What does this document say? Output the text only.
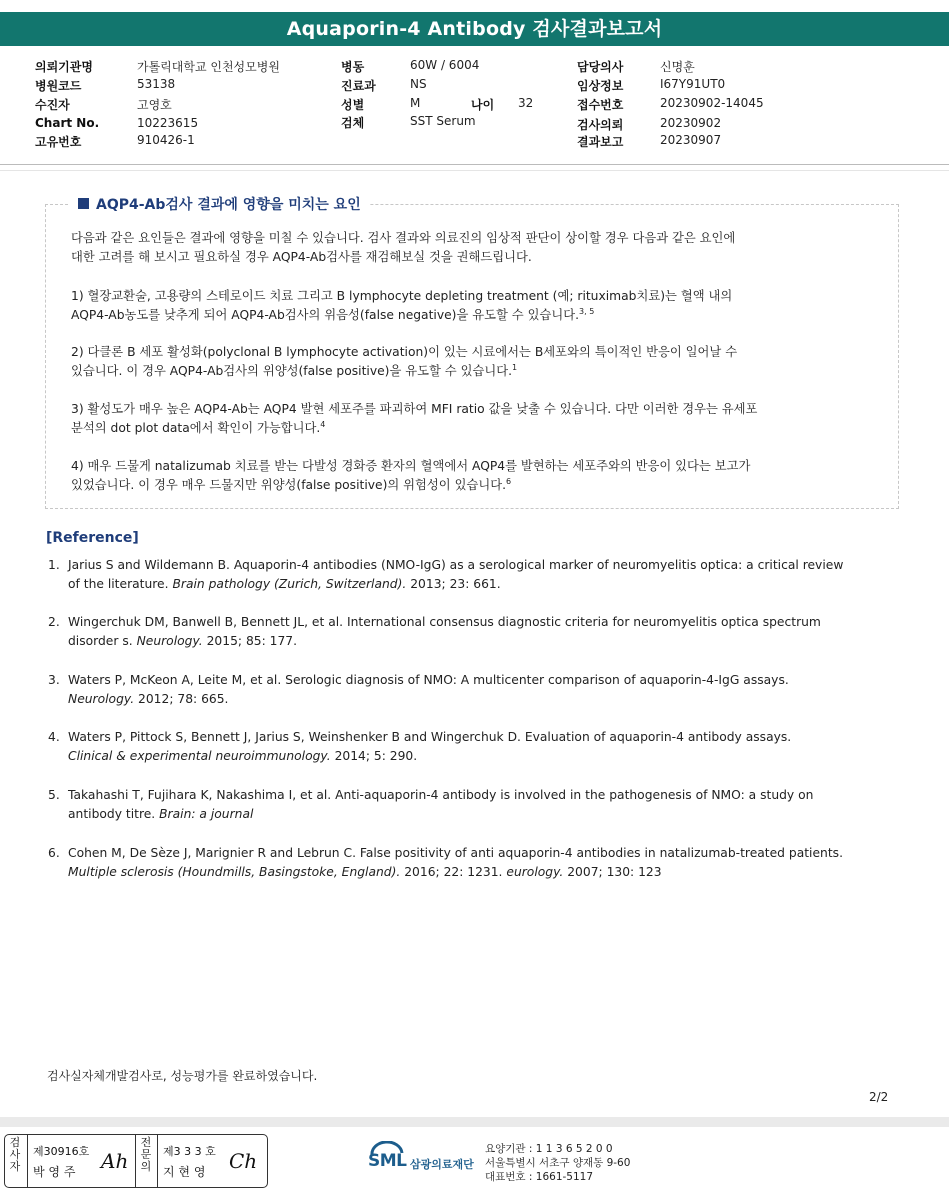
Aquaporin-4 Antibody 검사결과보고서
의뢰기관명	가톨릭대학교 인천성모병원
병원코드	53138
수진자	고영호
Chart No.	10223615
고유번호	910426-1
병동	60W / 6004
진료과	NS
성별	M	나이 32
검체	SST Serum
담당의사	신명훈
임상정보	I67Y91UT0
접수번호	20230902-14045
검사의뢰	20230902
결과보고	20230907
AQP4-Ab검사 결과에 영향을 미치는 요인
다음과 같은 요인들은 결과에 영향을 미칠 수 있습니다. 검사 결과와 의료진의 임상적 판단이 상이할 경우 다음과 같은 요인에
대한 고려를 해 보시고 필요하실 경우 AQP4-Ab검사를 재검해보실 것을 권해드립니다.
1) 혈장교환술, 고용량의 스테로이드 치료 그리고 B lymphocyte depleting treatment (예; rituximab치료)는 혈액 내의
AQP4-Ab농도를 낮추게 되어 AQP4-Ab검사의 위음성(false negative)을 유도할 수 있습니다.$^{3, 5}$
2) 다클론 B 세포 활성화(polyclonal B lymphocyte activation)이 있는 시료에서는 B세포와의 특이적인 반응이 일어날 수
있습니다. 이 경우 AQP4-Ab검사의 위양성(false positive)을 유도할 수 있습니다.$^1$
3) 활성도가 매우 높은 AQP4-Ab는 AQP4 발현 세포주를 파괴하여 MFI ratio 값을 낮출 수 있습니다. 다만 이러한 경우는 유세포
분석의 dot plot data에서 확인이 가능합니다.$^4$
4) 매우 드물게 natalizumab 치료를 받는 다발성 경화증 환자의 혈액에서 AQP4를 발현하는 세포주와의 반응이 있다는 보고가
있었습니다. 이 경우 매우 드물지만 위양성(false positive)의 위험성이 있습니다.$^6$
[Reference]
1. Jarius S and Wildemann B. Aquaporin-4 antibodies (NMO-IgG) as a serological marker of neuromyelitis optica: a critical review
of the literature. Brain pathology (Zurich, Switzerland). 2013; 23: 661.
2. Wingerchuk DM, Banwell B, Bennett JL, et al. International consensus diagnostic criteria for neuromyelitis optica spectrum
disorder s. Neurology. 2015; 85: 177.
3. Waters P, McKeon A, Leite M, et al. Serologic diagnosis of NMO: A multicenter comparison of aquaporin-4-IgG assays.
Neurology. 2012; 78: 665.
4. Waters P, Pittock S, Bennett J, Jarius S, Weinshenker B and Wingerchuk D. Evaluation of aquaporin-4 antibody assays.
Clinical & experimental neuroimmunology. 2014; 5: 290.
5. Takahashi T, Fujihara K, Nakashima I, et al. Anti-aquaporin-4 antibody is involved in the pathogenesis of NMO: a study on
antibody titre. Brain: a journal
6. Cohen M, De Sèze J, Marignier R and Lebrun C. False positivity of anti aquaporin-4 antibodies in natalizumab-treated patients.
Multiple sclerosis (Houndmills, Basingstoke, England). 2016; 22: 1231. eurology. 2007; 130: 123
검사실자체개발검사로, 성능평가를 완료하였습니다.
2/2
검
사
자
제30916호
박 영 주 Ah
전
문
의
제3 3 3 호
지 현 영 Ch	SML 삼광의료재단
요양기관 : 1 1 3 6 5 2 0 0
서울특별시 서초구 양재동 9-60
대표번호 : 1661-5117
